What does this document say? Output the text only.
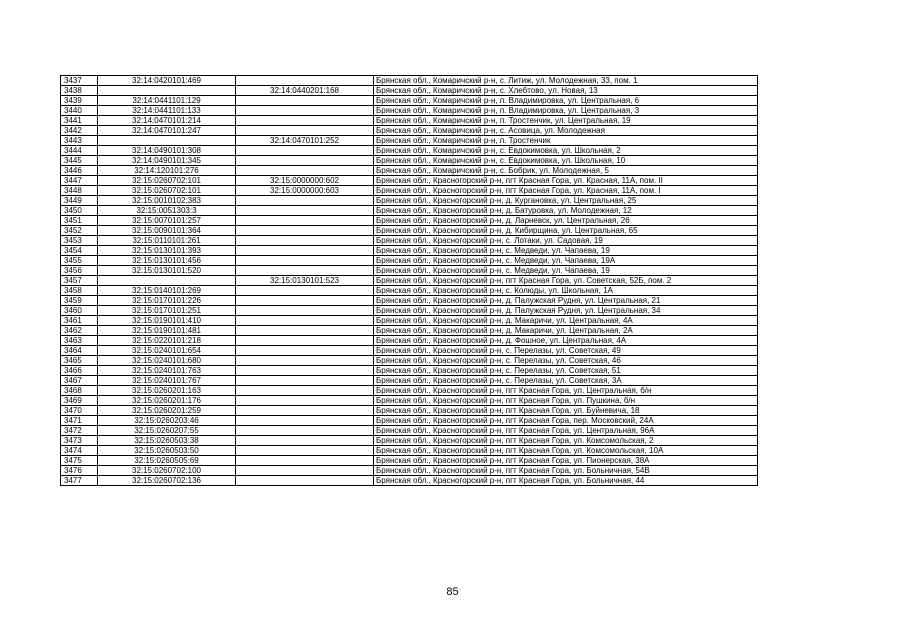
3437	32:14:0420101:469		Брянская обл., Комаричский р-н, с. Литиж, ул. Молодежная, 33, пом. 1
3438		32:14:0440201:168	Брянская обл., Комаричский р-н, с. Хлебтово, ул. Новая, 13
3439	32:14:0441101:129		Брянская обл., Комаричский р-н, п. Владимировка, ул. Центральная, 6
3440	32:14:0441101:133		Брянская обл., Комаричский р-н, п. Владимировка, ул. Центральная, 3
3441	32:14:0470101:214		Брянская обл., Комаричский р-н, п. Тростенчик, ул. Центральная, 19
3442	32:14:0470101:247		Брянская обл., Комаричский р-н, с. Асовица, ул. Молодежная
3443		32:14:0470101:252	Брянская обл., Комаричский р-н, п. Тростенчик
3444	32:14:0490101:308		Брянская обл., Комаричский р-н, с. Евдокимовка, ул. Школьная, 2
3445	32:14:0490101:345		Брянская обл., Комаричский р-н, с. Евдокимовка, ул. Школьная, 10
3446	32:14:120101:276		Брянская обл., Комаричский р-н, с. Бобрик, ул. Молодежная, 5
3447	32:15:0260702:101	32:15:0000000:602	Брянская обл., Красногорский р-н, пгт Красная Гора, ул. Красная, 11А, пом. II
3448	32:15:0260702:101	32:15:0000000:603	Брянская обл., Красногорский р-н, пгт Красная Гора, ул. Красная, 11А, пом. I
3449	32:15:0010102:383		Брянская обл., Красногорский р-н, д. Кургановка, ул. Центральная, 25
3450	32:15:0051303:3		Брянская обл., Красногорский р-н, д. Батуровка, ул. Молодежная, 12
3451	32:15:0070101:257		Брянская обл., Красногорский р-н, д. Ларневск, ул. Центральная, 26
3452	32:15:0090101:364		Брянская обл., Красногорский р-н, д. Кибирщина, ул. Центральная, 65
3453	32:15:0110101:261		Брянская обл., Красногорский р-н, с. Лотаки, ул. Садовая, 19
3454	32:15:0130101:393		Брянская обл., Красногорский р-н, с. Медведи, ул. Чапаева, 19
3455	32:15:0130101:456		Брянская обл., Красногорский р-н, с. Медведи, ул. Чапаева, 19А
3456	32:15:0130101:520		Брянская обл., Красногорский р-н, с. Медведи, ул. Чапаева, 19
3457		32:15:0130101:523	Брянская обл., Красногорский р-н, пгт Красная Гора, ул. Советская, 52Б, пом. 2
3458	32:15:0140101:269		Брянская обл., Красногорский р-н, с. Колюды, ул. Школьная, 1А
3459	32:15:0170101:226		Брянская обл., Красногорский р-н, д. Палужская Рудня, ул. Центральная, 21
3460	32:15:0170101:251		Брянская обл., Красногорский р-н, д. Палужская Рудня, ул. Центральная, 34
3461	32:15:0190101:410		Брянская обл., Красногорский р-н, д. Макаричи, ул. Центральная, 4А
3462	32:15:0190101:481		Брянская обл., Красногорский р-н, д. Макаричи, ул. Центральная, 2А
3463	32:15:0220101:218		Брянская обл., Красногорский р-н, д. Фошное, ул. Центральная, 4А
3464	32:15:0240101:654		Брянская обл., Красногорский р-н, с. Перелазы, ул. Советская, 49
3465	32:15:0240101:680		Брянская обл., Красногорский р-н, с. Перелазы, ул. Советская, 46
3466	32:15:0240101:763		Брянская обл., Красногорский р-н, с. Перелазы, ул. Советская, 51
3467	32:15:0240101:767		Брянская обл., Красногорский р-н, с. Перелазы, ул. Советская, 3А
3468	32:15:0260201:163		Брянская обл., Красногорский р-н, пгт Красная Гора, ул. Центральная, б/н
3469	32:15:0260201:176		Брянская обл., Красногорский р-н, пгт Красная Гора, ул. Пушкина, б/н
3470	32:15:0260201:259		Брянская обл., Красногорский р-н, пгт Красная Гора, ул. Буйневича, 18
3471	32:15:0260203:46		Брянская обл., Красногорский р-н, пгт Красная Гора, пер. Московский, 24А
3472	32:15:0260207:55		Брянская обл., Красногорский р-н, пгт Красная Гора, ул. Центральная, 96А
3473	32:15:0260503:38		Брянская обл., Красногорский р-н, пгт Красная Гора, ул. Комсомольская, 2
3474	32:15:0260503:50		Брянская обл., Красногорский р-н, пгт Красная Гора, ул. Комсомольская, 10А
3475	32:15:0260505:69		Брянская обл., Красногорский р-н, пгт Красная Гора, ул. Пионерская, 38А
3476	32:15:0260702:100		Брянская обл., Красногорский р-н, пгт Красная Гора, ул. Больничная, 54В
3477	32:15:0260702:136		Брянская обл., Красногорский р-н, пгт Красная Гора, ул. Больничная, 44
85
